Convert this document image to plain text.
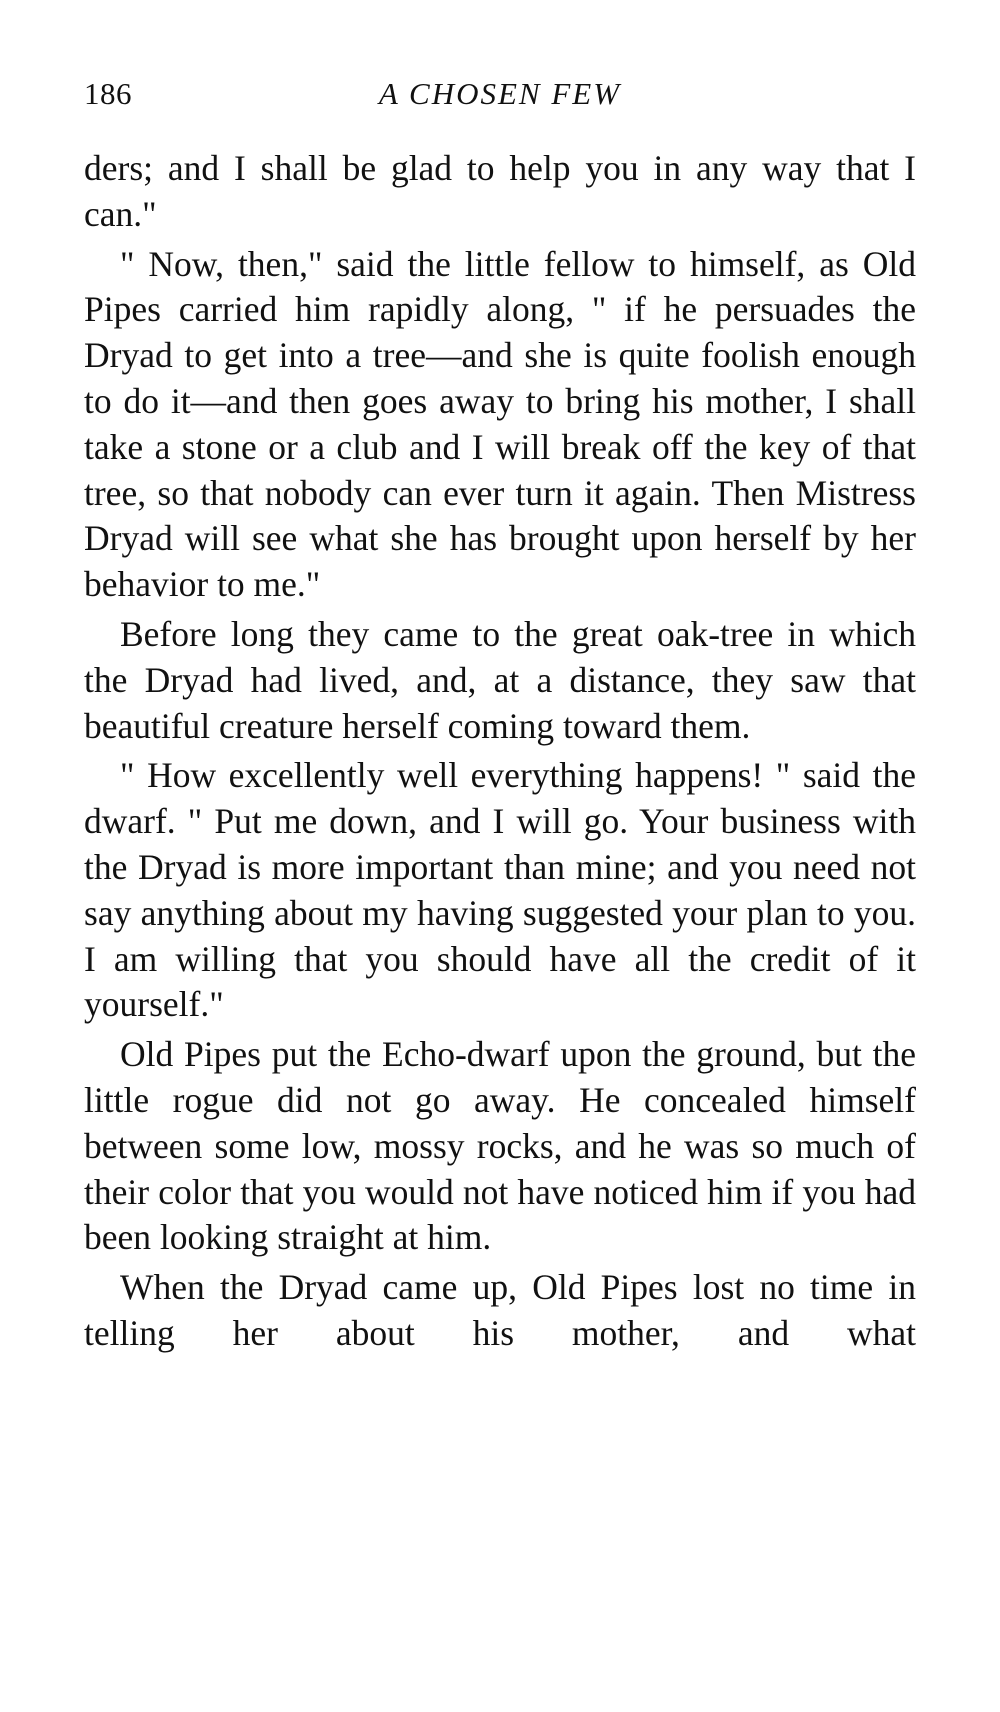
186	A CHOSEN FEW

ders; and I shall be glad to help you in any way that I can."

" Now, then," said the little fellow to himself, as Old Pipes carried him rapidly along, " if he persuades the Dryad to get into a tree—and she is quite foolish enough to do it—and then goes away to bring his mother, I shall take a stone or a club and I will break off the key of that tree, so that nobody can ever turn it again. Then Mistress Dryad will see what she has brought upon herself by her behavior to me."

Before long they came to the great oak-tree in which the Dryad had lived, and, at a distance, they saw that beautiful creature herself coming toward them.

" How excellently well everything happens! " said the dwarf. " Put me down, and I will go. Your business with the Dryad is more important than mine; and you need not say anything about my having suggested your plan to you. I am willing that you should have all the credit of it yourself."

Old Pipes put the Echo-dwarf upon the ground, but the little rogue did not go away. He concealed himself between some low, mossy rocks, and he was so much of their color that you would not have noticed him if you had been looking straight at him.

When the Dryad came up, Old Pipes lost no time in telling her about his mother, and what
